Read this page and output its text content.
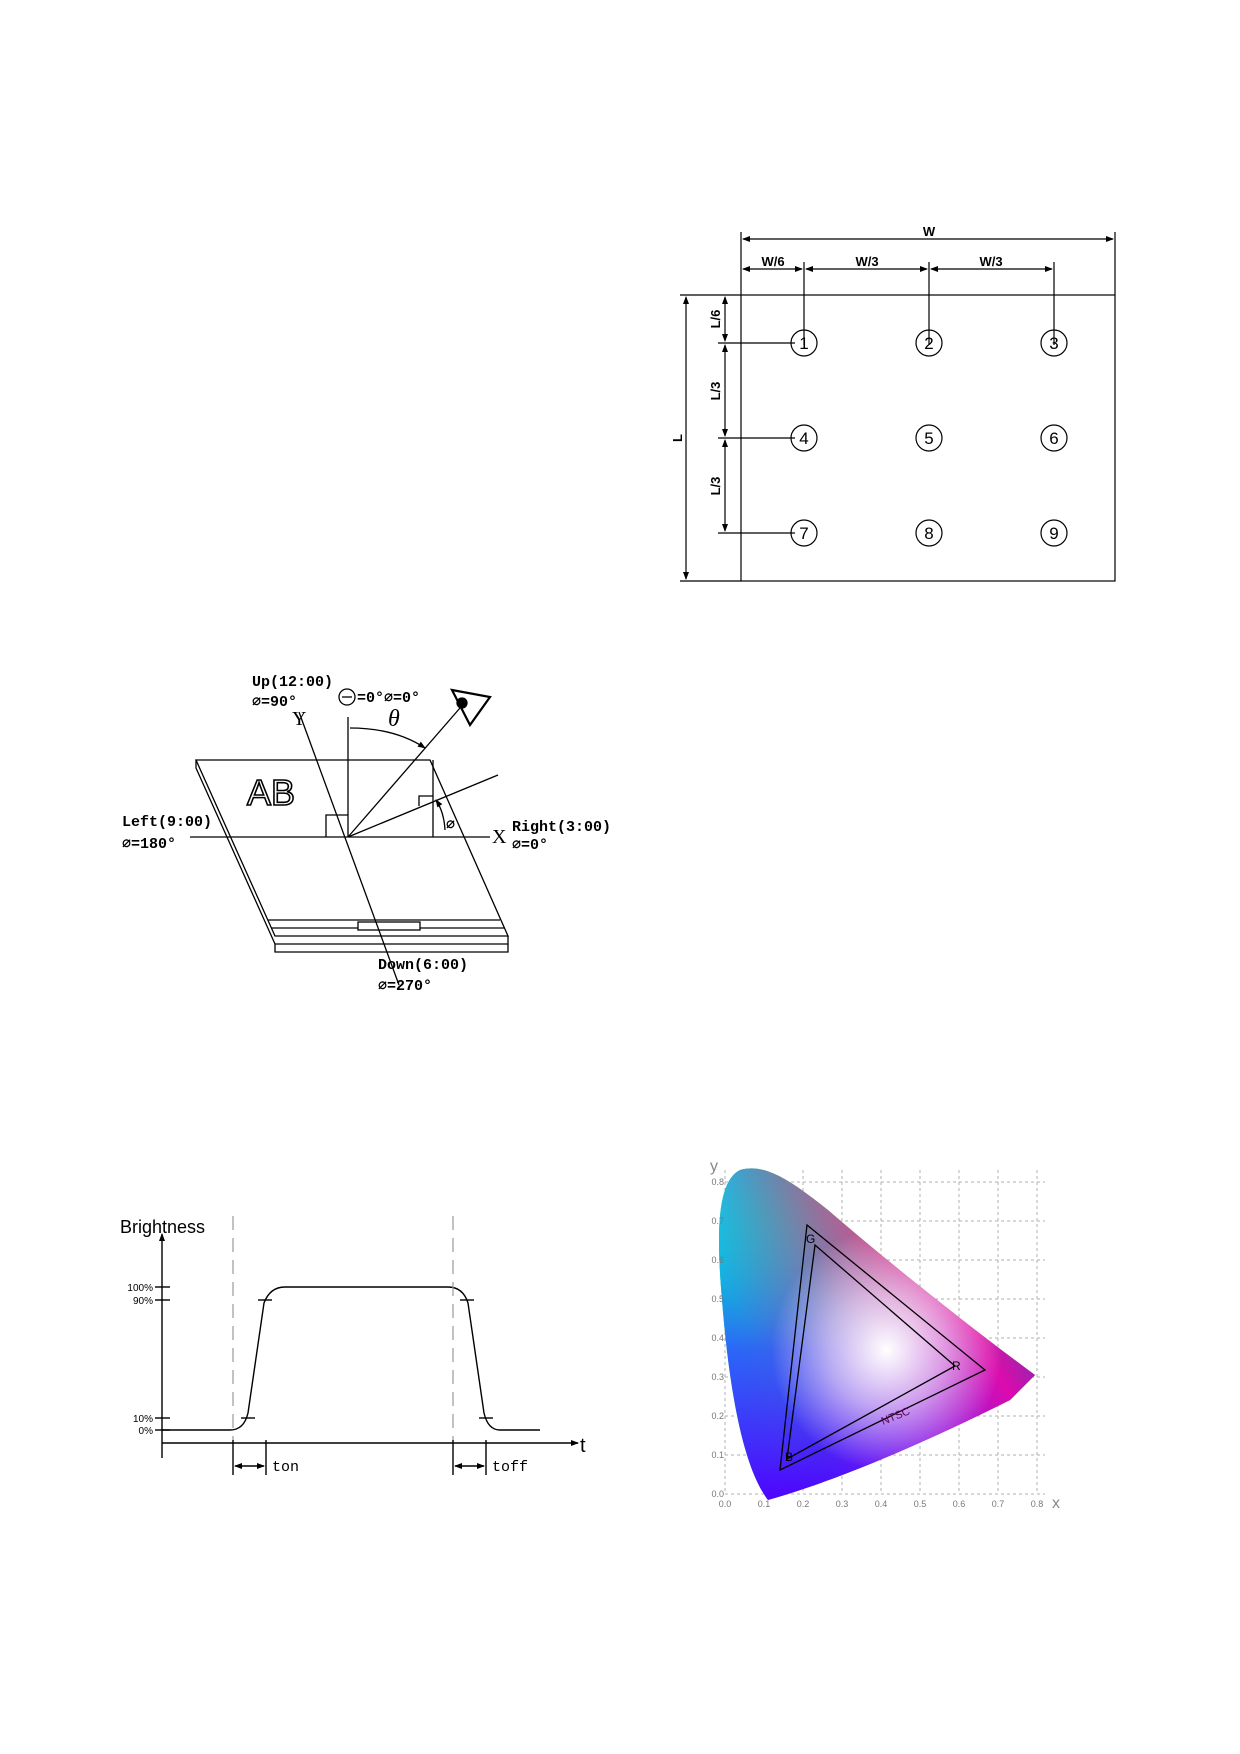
W
W/6	W/3	W/3
L
L/6
L/3
L/3
1	2	3
4	5	6
7	8	9
Up(12:00)
∅=90°	=0°∅=0°
Left(9:00)
∅=180°
Right(3:00)
∅=0°
Down(6:00)
∅=270°
∅
Y
X
θ
AB
Brightness
t
100%
90%
10%
0%
ton	toff
G
R
B
NTSC
0.0	0.1	0.2	0.3	0.4	0.5	0.6	0.7	0.8
0.0
0.1
0.2
0.3
0.4
0.5
0.6
0.7
0.8
x
y
